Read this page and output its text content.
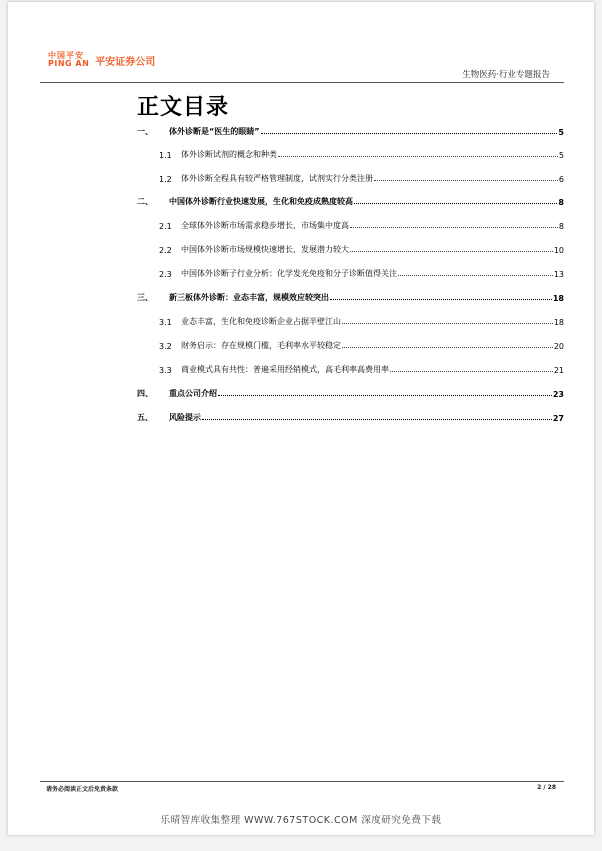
中国平安
PING AN 平安证券公司
生物医药·行业专题报告
正文目录
一、	体外诊断是“医生的眼睛”	5
1.1	体外诊断试剂的概念和种类	5
1.2	体外诊断全程具有较严格管理制度，试剂实行分类注册	6
二、	中国体外诊断行业快速发展，生化和免疫成熟度较高	8
2.1	全球体外诊断市场需求稳步增长，市场集中度高	8
2.2	中国体外诊断市场规模快速增长，发展潜力较大	10
2.3	中国体外诊断子行业分析：化学发光免疫和分子诊断值得关注	13
三、	新三板体外诊断：业态丰富，规模效应较突出	18
3.1	业态丰富，生化和免疫诊断企业占据半壁江山	18
3.2	财务启示：存在规模门槛，毛利率水平较稳定	20
3.3	商业模式具有共性：普遍采用经销模式，高毛利率高费用率	21
四、	重点公司介绍	23
五、	风险提示	27
请务必阅读正文后免责条款	2 / 28
乐晴智库收集整理 WWW.767STOCK.COM 深度研究免费下载
